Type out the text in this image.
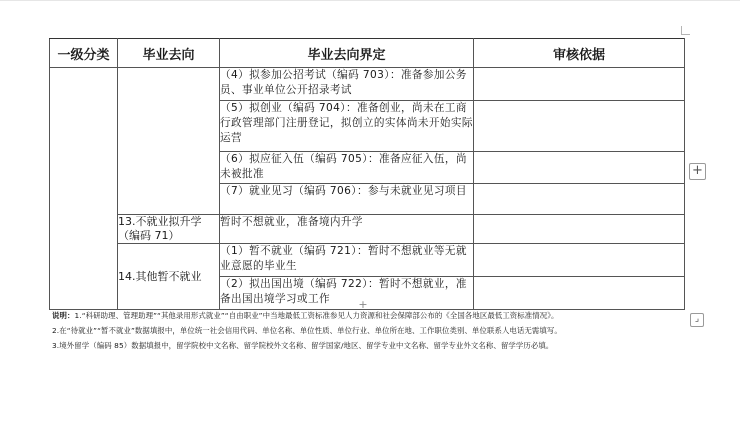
一级分类	毕业去向	毕业去向界定	审核依据
		（4）拟参加公招考试（编码 703）：准备参加公务员、事业单位公开招录考试	
		（5）拟创业（编码 704）：准备创业，尚未在工商行政管理部门注册登记，拟创立的实体尚未开始实际运营	
		（6）拟应征入伍（编码 705）：准备应征入伍，尚未被批准	
		（7）就业见习（编码 706）：参与未就业见习项目	
	13.不就业拟升学（编码 71）	暂时不想就业，准备境内升学	
	14.其他暂不就业	（1）暂不就业（编码 721）：暂时不想就业等无就业意愿的毕业生	
		（2）拟出国出境（编码 722）：暂时不想就业，准备出国出境学习或工作	
说明：1.“科研助理、管理助理”“其他录用形式就业”“自由职业”中当地最低工资标准参见人力资源和社会保障部公布的《全国各地区最低工资标准情况》。
2.在“待就业”“暂不就业”数据填报中，单位统一社会信用代码、单位名称、单位性质、单位行业、单位所在地、工作职位类别、单位联系人电话无需填写。
3.境外留学（编码 85）数据填报中，留学院校中文名称、留学院校外文名称、留学国家/地区、留学专业中文名称、留学专业外文名称、留学学历必填。
+
+
⌟
